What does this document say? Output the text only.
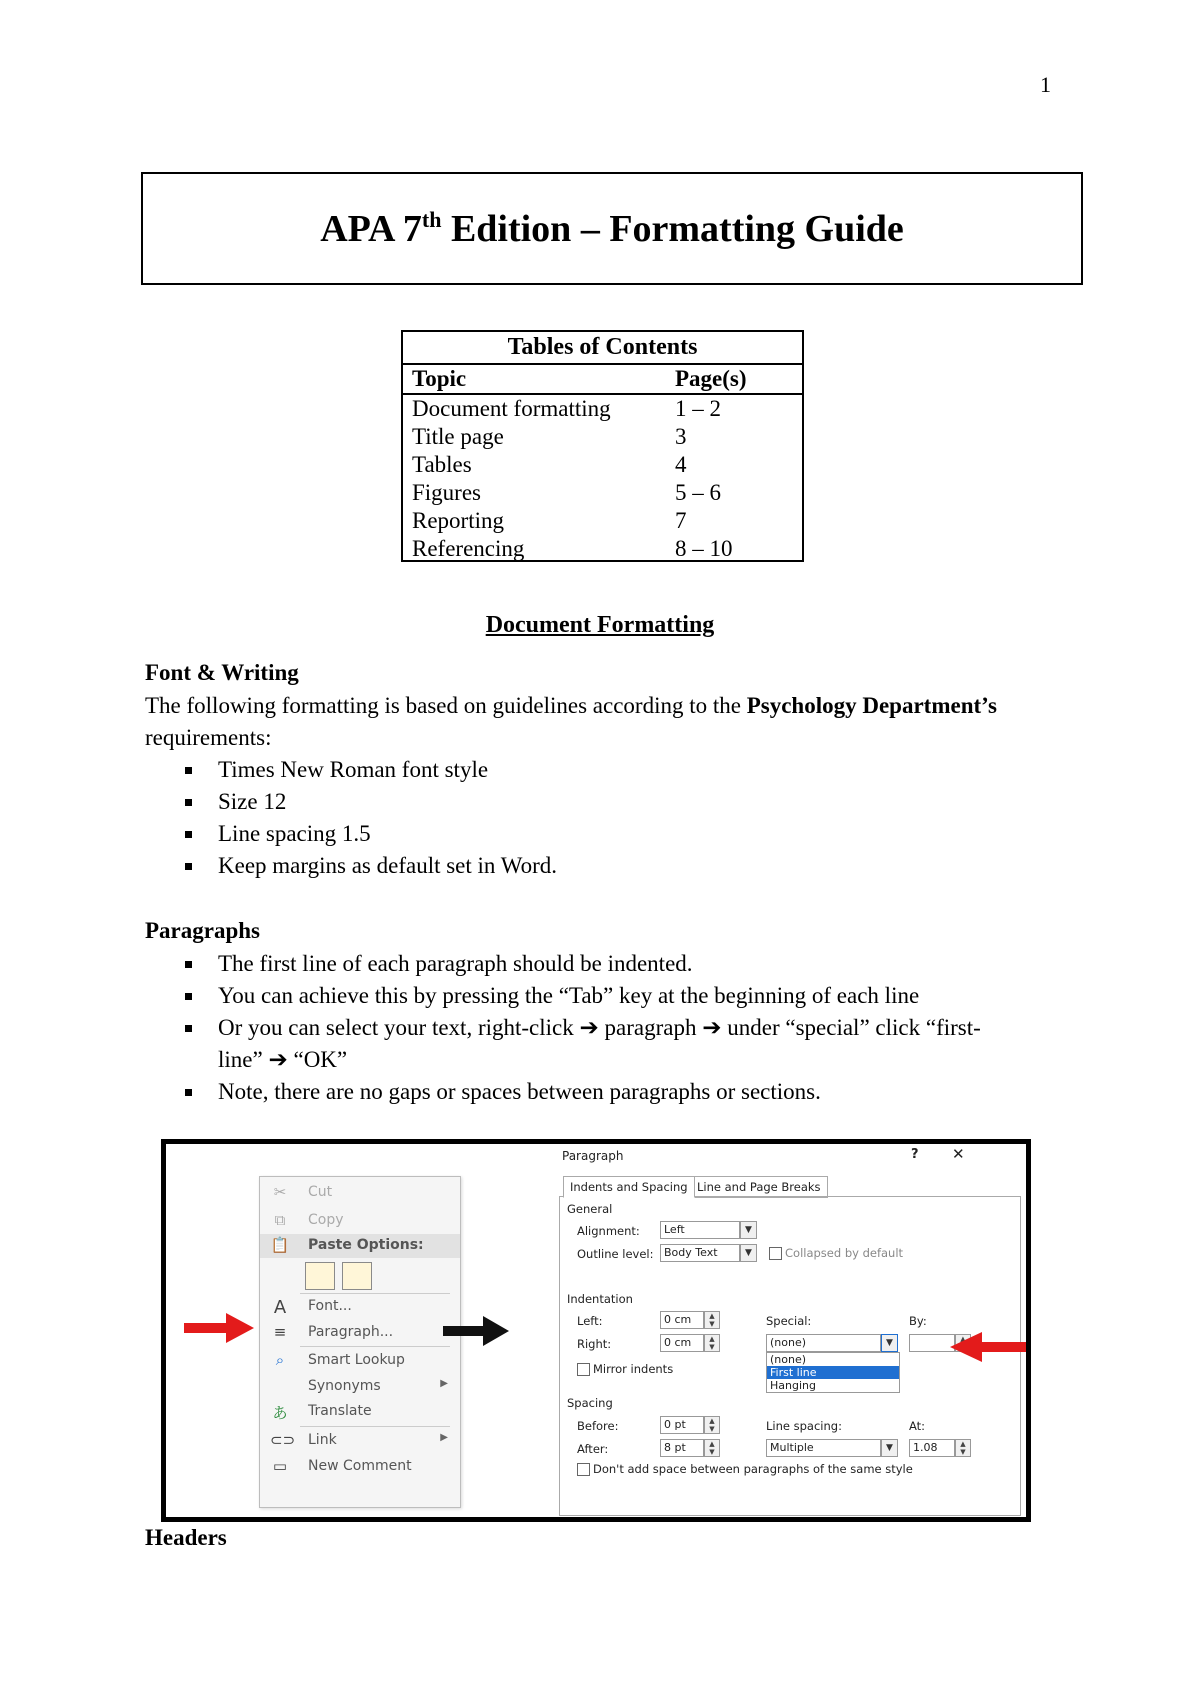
1
APA 7th Edition – Formatting Guide
Tables of Contents
Topic	Page(s)
Document formatting	1 – 2
Title page	3
Tables	4
Figures	5 – 6
Reporting	7
Referencing	8 – 10
Document Formatting
Font & Writing
The following formatting is based on guidelines according to the Psychology Department’s
requirements:
Times New Roman font style
Size 12
Line spacing 1.5
Keep margins as default set in Word.
Paragraphs
The first line of each paragraph should be indented.
You can achieve this by pressing the “Tab” key at the beginning of each line
Or you can select your text, right-click ➔ paragraph ➔ under “special” click “first-
line” ➔ “OK”
Note, there are no gaps or spaces between paragraphs or sections.
✂ Cut
⧉	Copy
📋 Paste Options:
A Font...
≡ Paragraph...
⌕	Smart Lookup
Synonyms	▶
あ Translate
⊂⊃ Link	▶
▭ New Comment
Paragraph	? ✕
Indents and Spacing Line and Page Breaks
General
Alignment:	Left	▼
Outline level: Body Text	▼	Collapsed by default
Indentation
Left:	0 cm	▲
▼
Right:	0 cm	▲
▼
Special:	By:
(none)	▼	▲

(none)
First line
Hanging
Mirror indents
Spacing
Before:	0 pt	▲
▼
After:	8 pt	▲
▼
Line spacing:
Multiple	▼
At:
1.08	▲
▼
Don't add space between paragraphs of the same style
Headers
